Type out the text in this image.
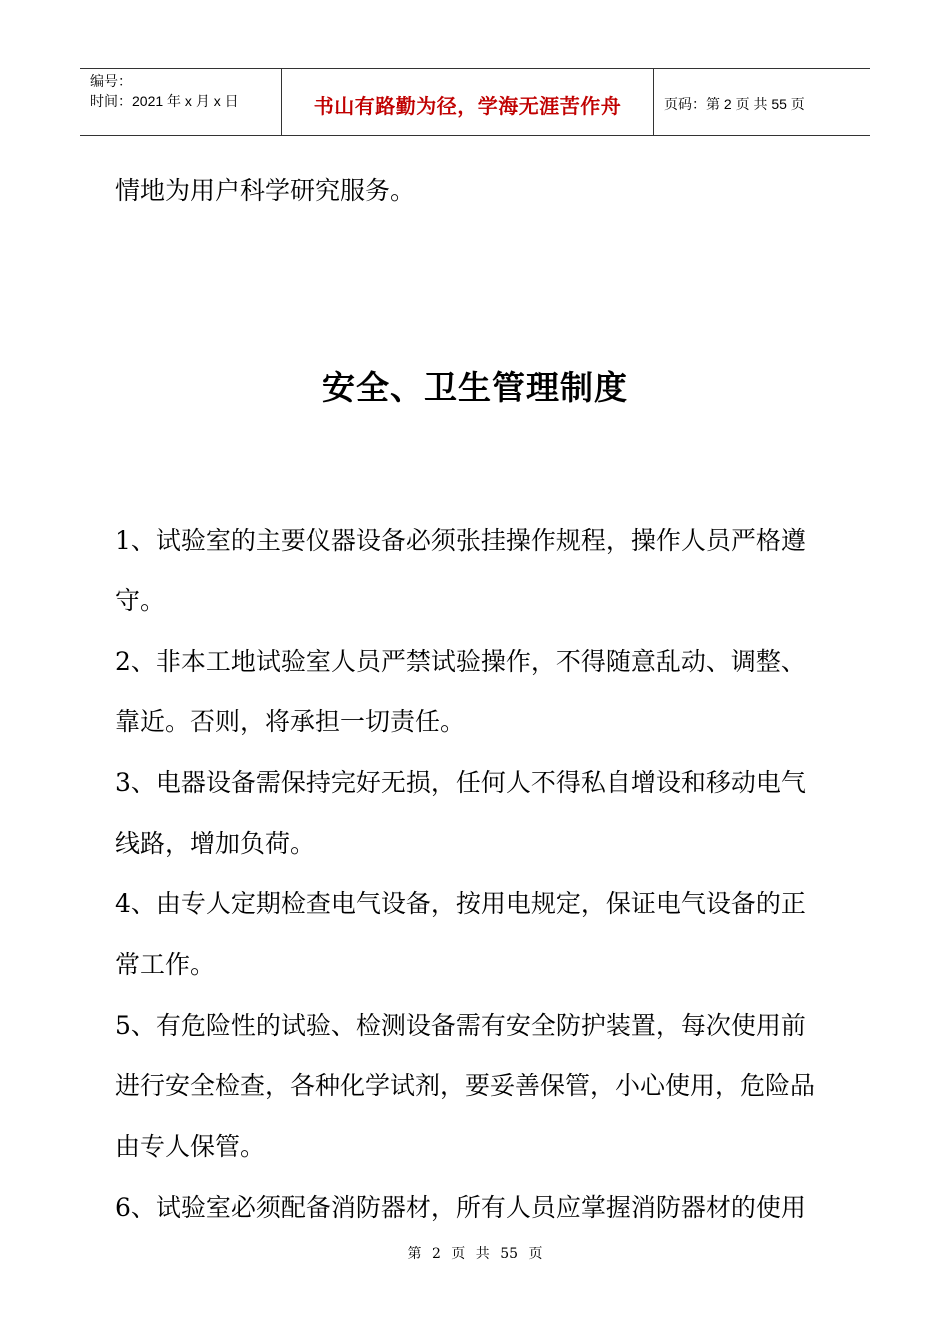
编号：
时间：2021 年 x 月 x 日	书山有路勤为径，学海无涯苦作舟	页码：第 2 页 共 55 页
情地为用户科学研究服务。
安全、卫生管理制度
1、试验室的主要仪器设备必须张挂操作规程，操作人员严格遵
守。
2、非本工地试验室人员严禁试验操作，不得随意乱动、调整、
靠近。否则，将承担一切责任。
3、电器设备需保持完好无损，任何人不得私自增设和移动电气
线路，增加负荷。
4、由专人定期检查电气设备，按用电规定，保证电气设备的正
常工作。
5、有危险性的试验、检测设备需有安全防护装置，每次使用前
进行安全检查，各种化学试剂，要妥善保管，小心使用，危险品
由专人保管。
6、试验室必须配备消防器材，所有人员应掌握消防器材的使用
第 2 页 共 55 页
